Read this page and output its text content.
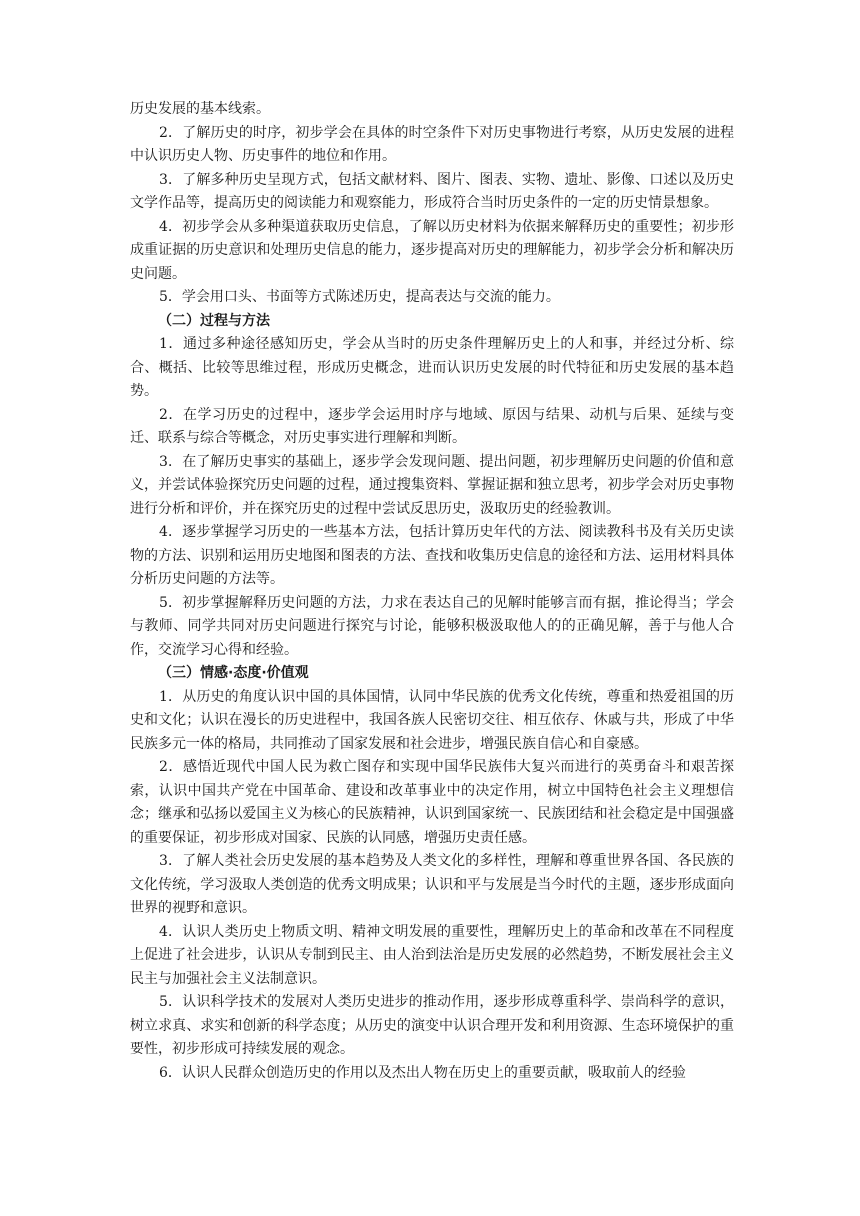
历史发展的基本线索。

2．了解历史的时序，初步学会在具体的时空条件下对历史事物进行考察，从历史发展的进程中认识历史人物、历史事件的地位和作用。

3．了解多种历史呈现方式，包括文献材料、图片、图表、实物、遗址、影像、口述以及历史文学作品等，提高历史的阅读能力和观察能力，形成符合当时历史条件的一定的历史情景想象。

4．初步学会从多种渠道获取历史信息，了解以历史材料为依据来解释历史的重要性；初步形成重证据的历史意识和处理历史信息的能力，逐步提高对历史的理解能力，初步学会分析和解决历史问题。

5．学会用口头、书面等方式陈述历史，提高表达与交流的能力。

（二）过程与方法

1．通过多种途径感知历史，学会从当时的历史条件理解历史上的人和事，并经过分析、综合、概括、比较等思维过程，形成历史概念，进而认识历史发展的时代特征和历史发展的基本趋势。

2．在学习历史的过程中，逐步学会运用时序与地域、原因与结果、动机与后果、延续与变迁、联系与综合等概念，对历史事实进行理解和判断。

3．在了解历史事实的基础上，逐步学会发现问题、提出问题，初步理解历史问题的价值和意义，并尝试体验探究历史问题的过程，通过搜集资料、掌握证据和独立思考，初步学会对历史事物进行分析和评价，并在探究历史的过程中尝试反思历史，汲取历史的经验教训。

4．逐步掌握学习历史的一些基本方法，包括计算历史年代的方法、阅读教科书及有关历史读物的方法、识别和运用历史地图和图表的方法、查找和收集历史信息的途径和方法、运用材料具体分析历史问题的方法等。

5．初步掌握解释历史问题的方法，力求在表达自己的见解时能够言而有据，推论得当；学会与教师、同学共同对历史问题进行探究与讨论，能够积极汲取他人的的正确见解，善于与他人合作，交流学习心得和经验。

（三）情感·态度·价值观

1．从历史的角度认识中国的具体国情，认同中华民族的优秀文化传统，尊重和热爱祖国的历史和文化；认识在漫长的历史进程中，我国各族人民密切交往、相互依存、休戚与共，形成了中华民族多元一体的格局，共同推动了国家发展和社会进步，增强民族自信心和自豪感。

2．感悟近现代中国人民为救亡图存和实现中国华民族伟大复兴而进行的英勇奋斗和艰苦探索，认识中国共产党在中国革命、建设和改革事业中的决定作用，树立中国特色社会主义理想信念；继承和弘扬以爱国主义为核心的民族精神，认识到国家统一、民族团结和社会稳定是中国强盛的重要保证，初步形成对国家、民族的认同感，增强历史责任感。

3．了解人类社会历史发展的基本趋势及人类文化的多样性，理解和尊重世界各国、各民族的文化传统，学习汲取人类创造的优秀文明成果；认识和平与发展是当今时代的主题，逐步形成面向世界的视野和意识。

4．认识人类历史上物质文明、精神文明发展的重要性，理解历史上的革命和改革在不同程度上促进了社会进步，认识从专制到民主、由人治到法治是历史发展的必然趋势，不断发展社会主义民主与加强社会主义法制意识。

5．认识科学技术的发展对人类历史进步的推动作用，逐步形成尊重科学、崇尚科学的意识，树立求真、求实和创新的科学态度；从历史的演变中认识合理开发和利用资源、生态环境保护的重要性，初步形成可持续发展的观念。

6．认识人民群众创造历史的作用以及杰出人物在历史上的重要贡献，吸取前人的经验
